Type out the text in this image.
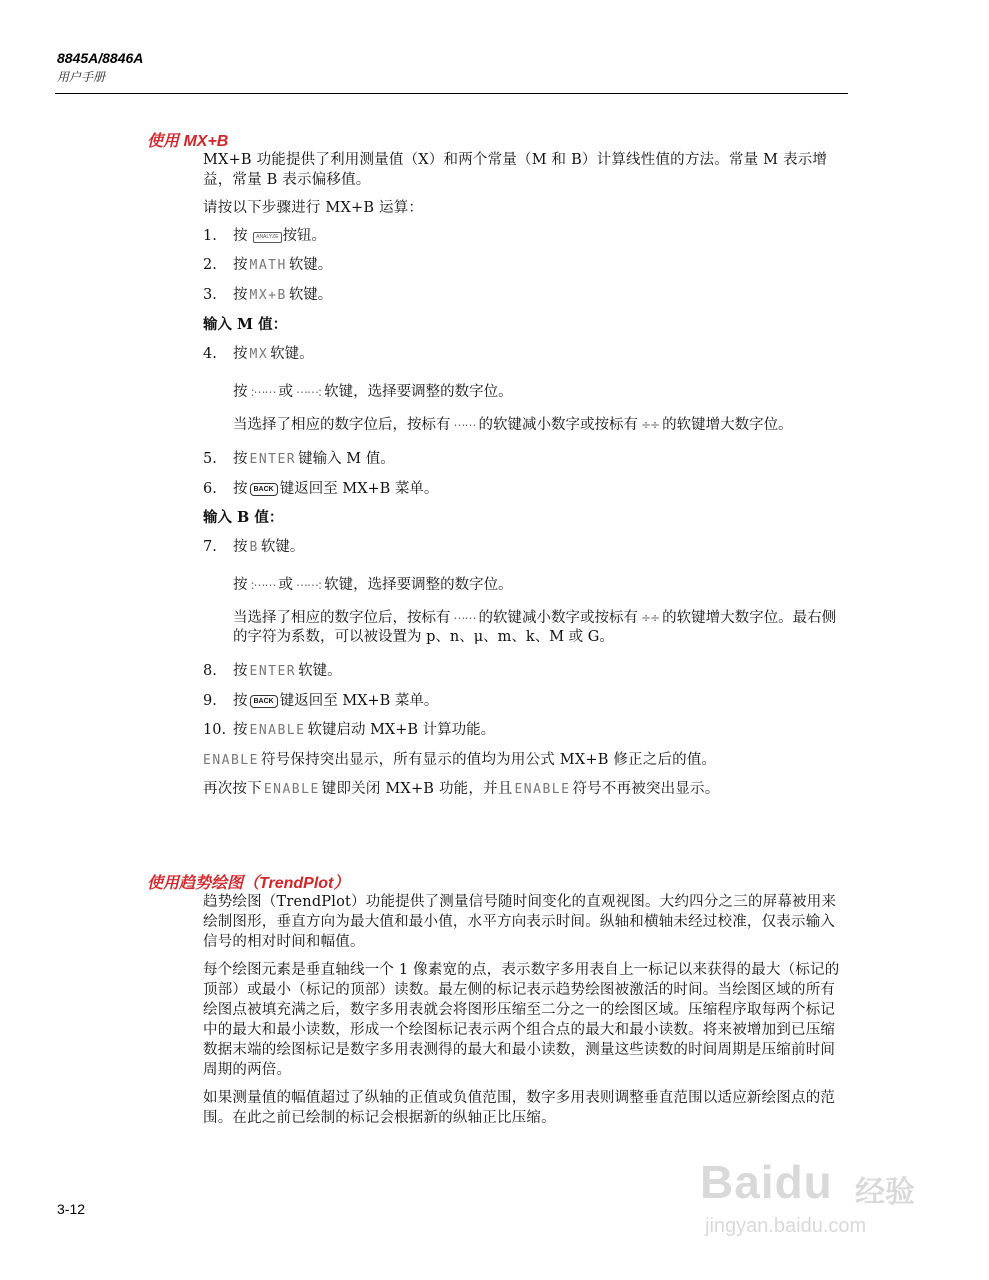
8845A/8846A
用户手册
使用 MX+B

MX+B 功能提供了利用测量值（X）和两个常量（M 和 B）计算线性值的方法。常量 M 表示增益，常量 B 表示偏移值。

请按以下步骤进行 MX+B 运算：

1. 按 ANALYZE 按钮。
2. 按 MATH 软键。
3. 按 MX+B 软键。
输入 M 值：
4. 按 MX 软键。
按 :⋯⋯ 或 ⋯⋯: 软键，选择要调整的数字位。
当选择了相应的数字位后，按标有 ⋯⋯ 的软键减小数字或按标有 ÷÷ 的软键增大数字位。
5. 按 ENTER 键输入 M 值。
6. 按 BACK 键返回至 MX+B 菜单。
输入 B 值：
7. 按 B 软键。
按 :⋯⋯ 或 ⋯⋯: 软键，选择要调整的数字位。
当选择了相应的数字位后，按标有 ⋯⋯ 的软键减小数字或按标有 ÷÷ 的软键增大数字位。最右侧的字符为系数，可以被设置为 p、n、μ、m、k、M 或 G。
8. 按 ENTER 软键。
9. 按 BACK 键返回至 MX+B 菜单。
10. 按 ENABLE 软键启动 MX+B 计算功能。

ENABLE 符号保持突出显示，所有显示的值均为用公式 MX+B 修正之后的值。

再次按下 ENABLE 键即关闭 MX+B 功能，并且 ENABLE 符号不再被突出显示。

使用趋势绘图（TrendPlot）

趋势绘图（TrendPlot）功能提供了测量信号随时间变化的直观视图。大约四分之三的屏幕被用来绘制图形，垂直方向为最大值和最小值，水平方向表示时间。纵轴和横轴未经过校准，仅表示输入信号的相对时间和幅值。

每个绘图元素是垂直轴线一个 1 像素宽的点，表示数字多用表自上一标记以来获得的最大（标记的顶部）或最小（标记的顶部）读数。最左侧的标记表示趋势绘图被激活的时间。当绘图区域的所有绘图点被填充满之后，数字多用表就会将图形压缩至二分之一的绘图区域。压缩程序取每两个标记中的最大和最小读数，形成一个绘图标记表示两个组合点的最大和最小读数。将来被增加到已压缩数据末端的绘图标记是数字多用表测得的最大和最小读数，测量这些读数的时间周期是压缩前时间周期的两倍。

如果测量值的幅值超过了纵轴的正值或负值范围，数字多用表则调整垂直范围以适应新绘图点的范围。在此之前已绘制的标记会根据新的纵轴正比压缩。

3-12
Baidu 经验
jingyan.baidu.com
